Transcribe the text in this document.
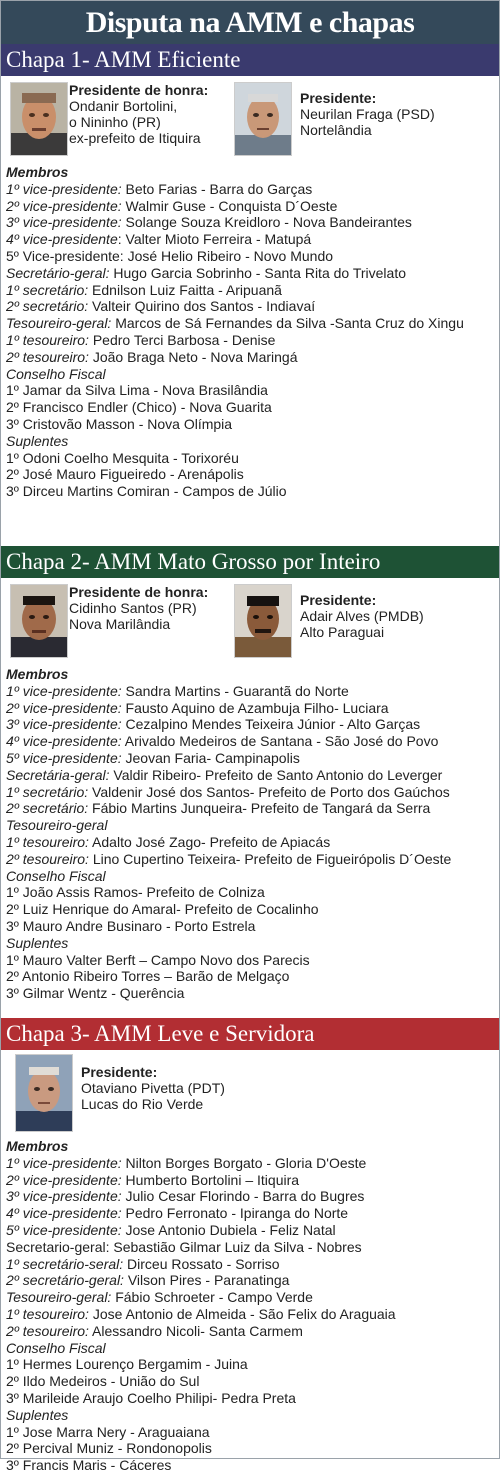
Disputa na AMM e chapas
Chapa 1- AMM Eficiente
Presidente de honra:
Ondanir Bortolini,
o Nininho (PR)
ex-prefeito de Itiquira
Presidente:
Neurilan Fraga (PSD)
Nortelândia
Membros
1º vice-presidente: Beto Farias - Barra do Garças
2º vice-presidente: Walmir Guse - Conquista D´Oeste
3º vice-presidente: Solange Souza Kreidloro - Nova Bandeirantes
4º vice-presidente: Valter Mioto Ferreira - Matupá
5º Vice-presidente: José Helio Ribeiro - Novo Mundo
Secretário-geral: Hugo Garcia Sobrinho - Santa Rita do Trivelato
1º secretário: Ednilson Luiz Faitta - Aripuanã
2º secretário: Valteir Quirino dos Santos - Indiavaí
Tesoureiro-geral: Marcos de Sá Fernandes da Silva -Santa Cruz do Xingu
1º tesoureiro: Pedro Terci Barbosa - Denise
2º tesoureiro: João Braga Neto - Nova Maringá
Conselho Fiscal
1º Jamar da Silva Lima - Nova Brasilândia
2º Francisco Endler (Chico) - Nova Guarita
3º Cristovão Masson - Nova Olímpia
Suplentes
1º Odoni Coelho Mesquita - Torixoréu
2º José Mauro Figueiredo - Arenápolis
3º Dirceu Martins Comiran - Campos de Júlio
Chapa 2- AMM Mato Grosso por Inteiro
Presidente de honra:
Cidinho Santos (PR)
Nova Marilândia
Presidente:
Adair Alves (PMDB)
Alto Paraguai
Membros
1º vice-presidente: Sandra Martins - Guarantã do Norte
2º vice-presidente: Fausto Aquino de Azambuja Filho- Luciara
3º vice-presidente: Cezalpino Mendes Teixeira Júnior - Alto Garças
4º vice-presidente: Arivaldo Medeiros de Santana - São José do Povo
5º vice-presidente: Jeovan Faria- Campinapolis
Secretária-geral: Valdir Ribeiro- Prefeito de Santo Antonio do Leverger
1º secretário: Valdenir José dos Santos- Prefeito de Porto dos Gaúchos
2º secretário: Fábio Martins Junqueira- Prefeito de Tangará da Serra
Tesoureiro-geral
1º tesoureiro: Adalto José Zago- Prefeito de Apiacás
2º tesoureiro: Lino Cupertino Teixeira- Prefeito de Figueirópolis D´Oeste
Conselho Fiscal
1º João Assis Ramos- Prefeito de Colniza
2º Luiz Henrique do Amaral- Prefeito de Cocalinho
3º Mauro Andre Businaro - Porto Estrela
Suplentes
1º Mauro Valter Berft – Campo Novo dos Parecis
2º Antonio Ribeiro Torres – Barão de Melgaço
3º Gilmar Wentz - Querência
Chapa 3- AMM Leve e Servidora
Presidente:
Otaviano Pivetta (PDT)
Lucas do Rio Verde
Membros
1º vice-presidente: Nilton Borges Borgato - Gloria D'Oeste
2º vice-presidente: Humberto Bortolini – Itiquira
3º vice-presidente: Julio Cesar Florindo - Barra do Bugres
4º vice-presidente: Pedro Ferronato - Ipiranga do Norte
5º vice-presidente: Jose Antonio Dubiela - Feliz Natal
Secretario-geral: Sebastião Gilmar Luiz da Silva - Nobres
1º secretário-seral: Dirceu Rossato - Sorriso
2º secretário-geral: Vilson Pires - Paranatinga
Tesoureiro-geral: Fábio Schroeter - Campo Verde
1º tesoureiro: Jose Antonio de Almeida - São Felix do Araguaia
2º tesoureiro: Alessandro Nicoli- Santa Carmem
Conselho Fiscal
1º Hermes Lourenço Bergamim - Juina
2º Ildo Medeiros - União do Sul
3º Marileide Araujo Coelho Philipi- Pedra Preta
Suplentes
1º Jose Marra Nery - Araguaiana
2º Percival Muniz - Rondonopolis
3º Francis Maris - Cáceres
